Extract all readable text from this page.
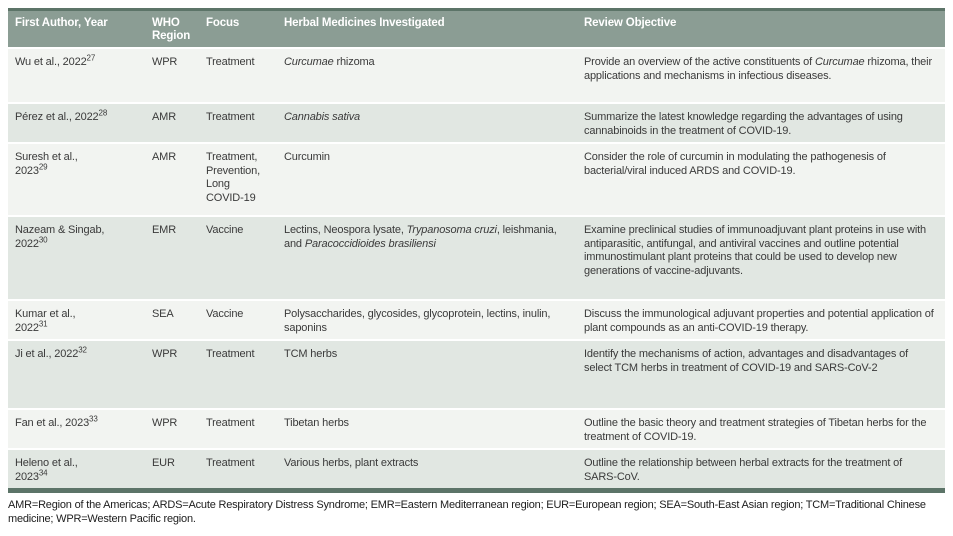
First Author, Year	WHO Region	Focus	Herbal Medicines Investigated	Review Objective
Wu et al., 2022$^{27}$	WPR	Treatment	Curcumae rhizoma	Provide an overview of the active constituents of Curcumae rhizoma, their applications and mechanisms in infectious diseases.
Pérez et al., 2022$^{28}$	AMR	Treatment	Cannabis sativa	Summarize the latest knowledge regarding the advantages of using cannabinoids in the treatment of COVID-19.
Suresh et al.,
2023$^{29}$	AMR	Treatment, Prevention, Long COVID-19	Curcumin	Consider the role of curcumin in modulating the pathogenesis of bacterial/viral induced ARDS and COVID-19.
Nazeam & Singab,
2022$^{30}$	EMR	Vaccine	Lectins, Neospora lysate, Trypanosoma cruzi, leishmania, and Paracoccidioides brasiliensi	Examine preclinical studies of immunoadjuvant plant proteins in use with antiparasitic, antifungal, and antiviral vaccines and outline potential immunostimulant plant proteins that could be used to develop new generations of vaccine-adjuvants.
Kumar et al.,
2022$^{31}$	SEA	Vaccine	Polysaccharides, glycosides, glycoprotein, lectins, inulin, saponins	Discuss the immunological adjuvant properties and potential application of plant compounds as an anti-COVID-19 therapy.
Ji et al., 2022$^{32}$	WPR	Treatment	TCM herbs	Identify the mechanisms of action, advantages and disadvantages of select TCM herbs in treatment of COVID-19 and SARS-CoV-2
Fan et al., 2023$^{33}$	WPR	Treatment	Tibetan herbs	Outline the basic theory and treatment strategies of Tibetan herbs for the treatment of COVID-19.
Heleno et al.,
2023$^{34}$	EUR	Treatment	Various herbs, plant extracts	Outline the relationship between herbal extracts for the treatment of SARS-CoV.
AMR=Region of the Americas; ARDS=Acute Respiratory Distress Syndrome; EMR=Eastern Mediterranean region; EUR=European region; SEA=South-East Asian region; TCM=Traditional Chinese medicine; WPR=Western Pacific region.
